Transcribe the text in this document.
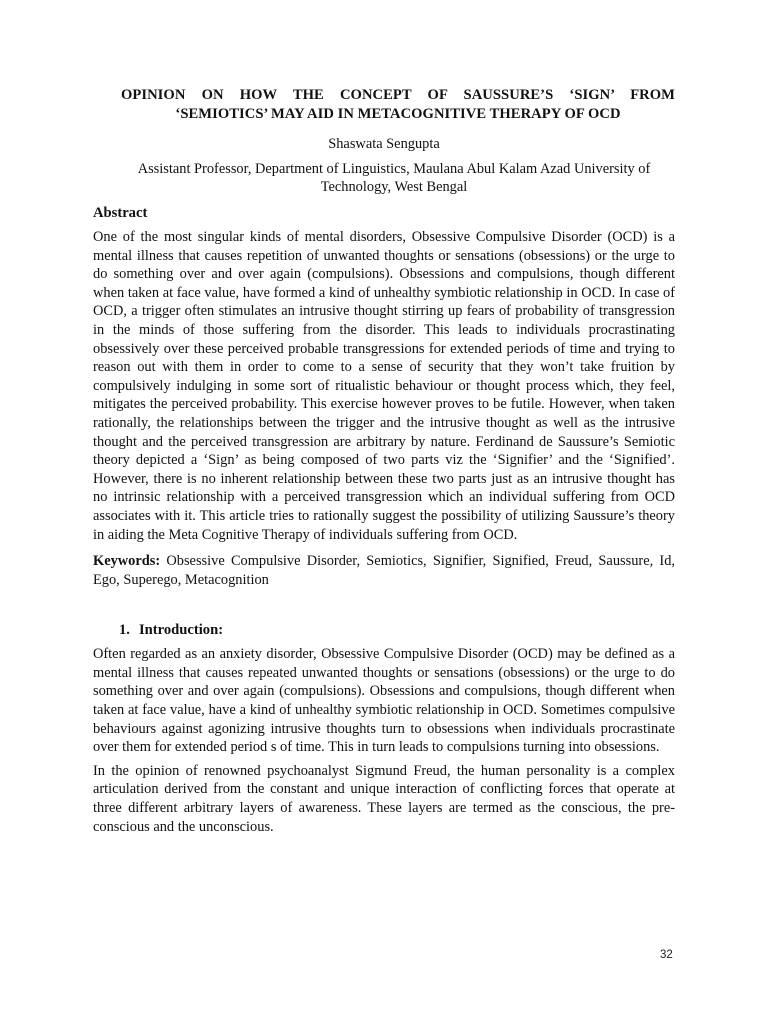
OPINION ON HOW THE CONCEPT OF SAUSSURE’S ‘SIGN’ FROM
‘SEMIOTICS’ MAY AID IN METACOGNITIVE THERAPY OF OCD
Shaswata Sengupta
Assistant Professor, Department of Linguistics, Maulana Abul Kalam Azad University of
Technology, West Bengal
Abstract

One of the most singular kinds of mental disorders, Obsessive Compulsive Disorder (OCD) is a mental illness that causes repetition of unwanted thoughts or sensations (obsessions) or the urge to do something over and over again (compulsions). Obsessions and compulsions, though different when taken at face value, have formed a kind of unhealthy symbiotic relationship in OCD. In case of OCD, a trigger often stimulates an intrusive thought stirring up fears of probability of transgression in the minds of those suffering from the disorder. This leads to individuals procrastinating obsessively over these perceived probable transgressions for extended periods of time and trying to reason out with them in order to come to a sense of security that they won’t take fruition by compulsively indulging in some sort of ritualistic behaviour or thought process which, they feel, mitigates the perceived probability. This exercise however proves to be futile. However, when taken rationally, the relationships between the trigger and the intrusive thought as well as the intrusive thought and the perceived transgression are arbitrary by nature. Ferdinand de Saussure’s Semiotic theory depicted a ‘Sign’ as being composed of two parts viz the ‘Signifier’ and the ‘Signified’. However, there is no inherent relationship between these two parts just as an intrusive thought has no intrinsic relationship with a perceived transgression which an individual suffering from OCD associates with it. This article tries to rationally suggest the possibility of utilizing Saussure’s theory in aiding the Meta Cognitive Therapy of individuals suffering from OCD.

Keywords: Obsessive Compulsive Disorder, Semiotics, Signifier, Signified, Freud, Saussure, Id, Ego, Superego, Metacognition
1. Introduction:

Often regarded as an anxiety disorder, Obsessive Compulsive Disorder (OCD) may be defined as a mental illness that causes repeated unwanted thoughts or sensations (obsessions) or the urge to do something over and over again (compulsions). Obsessions and compulsions, though different when taken at face value, have a kind of unhealthy symbiotic relationship in OCD. Sometimes compulsive behaviours against agonizing intrusive thoughts turn to obsessions when individuals procrastinate over them for extended period s of time. This in turn leads to compulsions turning into obsessions.

In the opinion of renowned psychoanalyst Sigmund Freud, the human personality is a complex articulation derived from the constant and unique interaction of conflicting forces that operate at three different arbitrary layers of awareness. These layers are termed as the conscious, the pre-conscious and the unconscious.

32
